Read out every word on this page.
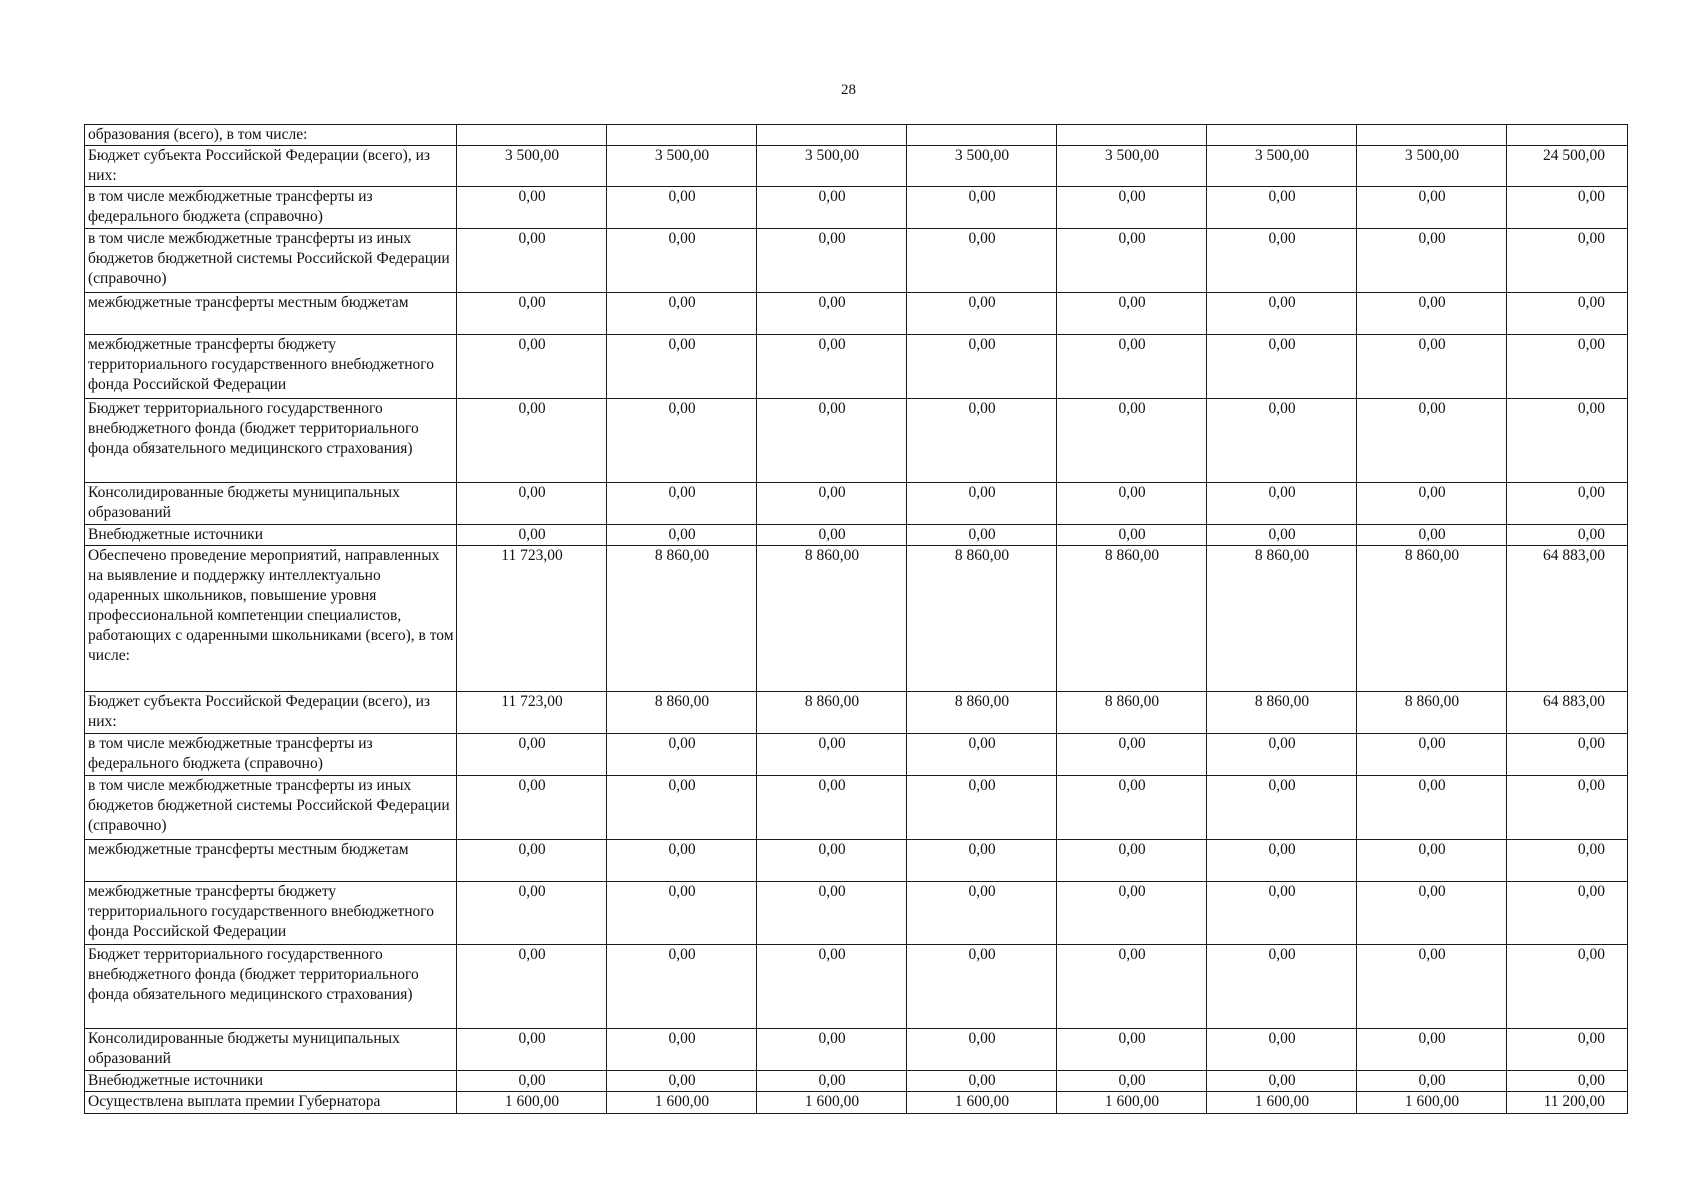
28
образования (всего), в том числе:								
Бюджет субъекта Российской Федерации (всего), из них:	3 500,00	3 500,00	3 500,00	3 500,00	3 500,00	3 500,00	3 500,00	24 500,00
в том числе межбюджетные трансферты из федерального бюджета (справочно)	0,00	0,00	0,00	0,00	0,00	0,00	0,00	0,00
в том числе межбюджетные трансферты из иных бюджетов бюджетной системы Российской Федерации (справочно)	0,00	0,00	0,00	0,00	0,00	0,00	0,00	0,00
межбюджетные трансферты местным бюджетам	0,00	0,00	0,00	0,00	0,00	0,00	0,00	0,00
межбюджетные трансферты бюджету территориального государственного внебюджетного фонда Российской Федерации	0,00	0,00	0,00	0,00	0,00	0,00	0,00	0,00
Бюджет территориального государственного внебюджетного фонда (бюджет территориального фонда обязательного медицинского страхования)	0,00	0,00	0,00	0,00	0,00	0,00	0,00	0,00
Консолидированные бюджеты муниципальных образований	0,00	0,00	0,00	0,00	0,00	0,00	0,00	0,00
Внебюджетные источники	0,00	0,00	0,00	0,00	0,00	0,00	0,00	0,00
Обеспечено проведение мероприятий, направленных на выявление и поддержку интеллектуально одаренных школьников, повышение уровня профессиональной компетенции специалистов, работающих с одаренными школьниками (всего), в том числе:	11 723,00	8 860,00	8 860,00	8 860,00	8 860,00	8 860,00	8 860,00	64 883,00
Бюджет субъекта Российской Федерации (всего), из них:	11 723,00	8 860,00	8 860,00	8 860,00	8 860,00	8 860,00	8 860,00	64 883,00
в том числе межбюджетные трансферты из федерального бюджета (справочно)	0,00	0,00	0,00	0,00	0,00	0,00	0,00	0,00
в том числе межбюджетные трансферты из иных бюджетов бюджетной системы Российской Федерации (справочно)	0,00	0,00	0,00	0,00	0,00	0,00	0,00	0,00
межбюджетные трансферты местным бюджетам	0,00	0,00	0,00	0,00	0,00	0,00	0,00	0,00
межбюджетные трансферты бюджету территориального государственного внебюджетного фонда Российской Федерации	0,00	0,00	0,00	0,00	0,00	0,00	0,00	0,00
Бюджет территориального государственного внебюджетного фонда (бюджет территориального фонда обязательного медицинского страхования)	0,00	0,00	0,00	0,00	0,00	0,00	0,00	0,00
Консолидированные бюджеты муниципальных образований	0,00	0,00	0,00	0,00	0,00	0,00	0,00	0,00
Внебюджетные источники	0,00	0,00	0,00	0,00	0,00	0,00	0,00	0,00
Осуществлена выплата премии Губернатора	1 600,00	1 600,00	1 600,00	1 600,00	1 600,00	1 600,00	1 600,00	11 200,00
